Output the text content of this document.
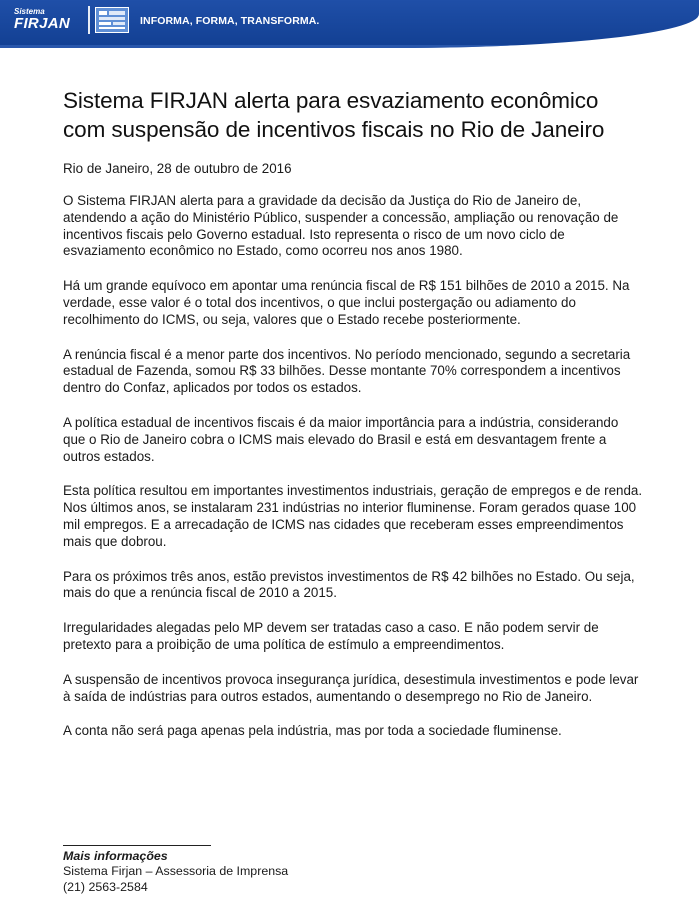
Sistema
FIRJAN	INFORMA, FORMA, TRANSFORMA.
Sistema FIRJAN alerta para esvaziamento econômico com suspensão de incentivos fiscais no Rio de Janeiro
Rio de Janeiro, 28 de outubro de 2016

O Sistema FIRJAN alerta para a gravidade da decisão da Justiça do Rio de Janeiro de, atendendo a ação do Ministério Público, suspender a concessão, ampliação ou renovação de incentivos fiscais pelo Governo estadual. Isto representa o risco de um novo ciclo de esvaziamento econômico no Estado, como ocorreu nos anos 1980.

Há um grande equívoco em apontar uma renúncia fiscal de R$ 151 bilhões de 2010 a 2015. Na verdade, esse valor é o total dos incentivos, o que inclui postergação ou adiamento do recolhimento do ICMS, ou seja, valores que o Estado recebe posteriormente.

A renúncia fiscal é a menor parte dos incentivos. No período mencionado, segundo a secretaria estadual de Fazenda, somou R$ 33 bilhões. Desse montante 70% correspondem a incentivos dentro do Confaz, aplicados por todos os estados.

A política estadual de incentivos fiscais é da maior importância para a indústria, considerando que o Rio de Janeiro cobra o ICMS mais elevado do Brasil e está em desvantagem frente a outros estados.

Esta política resultou em importantes investimentos industriais, geração de empregos e de renda. Nos últimos anos, se instalaram 231 indústrias no interior fluminense. Foram gerados quase 100 mil empregos. E a arrecadação de ICMS nas cidades que receberam esses empreendimentos mais que dobrou.

Para os próximos três anos, estão previstos investimentos de R$ 42 bilhões no Estado. Ou seja, mais do que a renúncia fiscal de 2010 a 2015.

Irregularidades alegadas pelo MP devem ser tratadas caso a caso. E não podem servir de pretexto para a proibição de uma política de estímulo a empreendimentos.

A suspensão de incentivos provoca insegurança jurídica, desestimula investimentos e pode levar à saída de indústrias para outros estados, aumentando o desemprego no Rio de Janeiro.

A conta não será paga apenas pela indústria, mas por toda a sociedade fluminense.

Mais informações
Sistema Firjan – Assessoria de Imprensa
(21) 2563-2584
